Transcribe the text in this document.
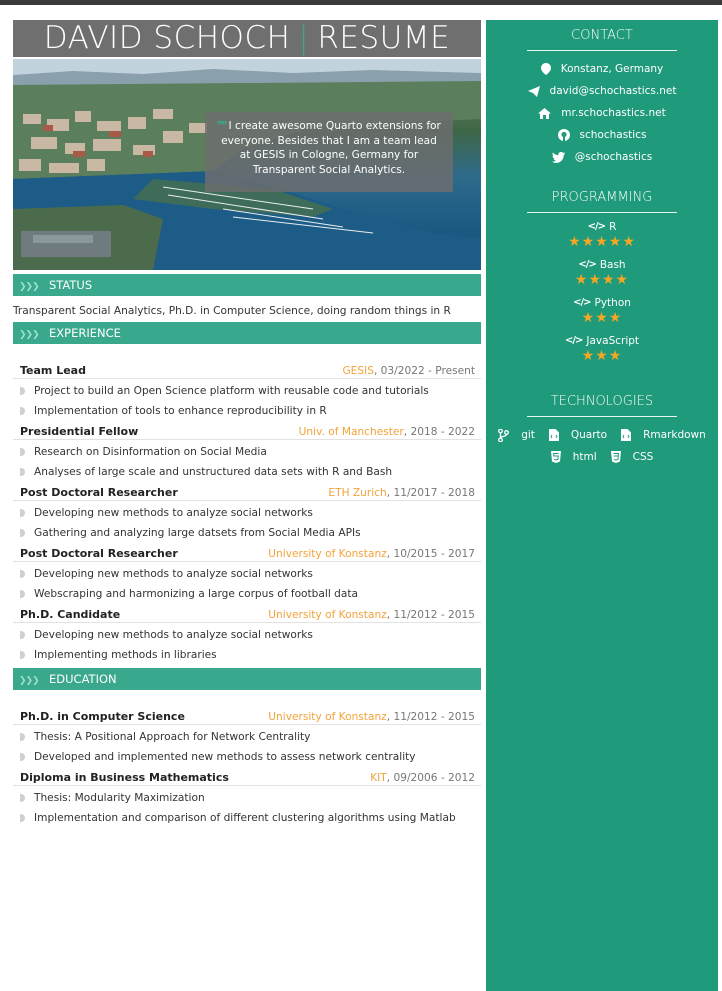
DAVID SCHOCH | RESUME
❞❞ I create awesome Quarto extensions for everyone. Besides that I am a team lead at GESIS in Cologne, Germany for Transparent Social Analytics.
❯❯❯ STATUS
Transparent Social Analytics, Ph.D. in Computer Science, doing random things in R
❯❯❯ EXPERIENCE
Team Lead	GESIS, 03/2022 - Present
Project to build an Open Science platform with reusable code and tutorials
Implementation of tools to enhance reproducibility in R
Presidential Fellow	Univ. of Manchester, 2018 - 2022
Research on Disinformation on Social Media
Analyses of large scale and unstructured data sets with R and Bash
Post Doctoral Researcher	ETH Zurich, 11/2017 - 2018
Developing new methods to analyze social networks
Gathering and analyzing large datsets from Social Media APIs
Post Doctoral Researcher	University of Konstanz, 10/2015 - 2017
Developing new methods to analyze social networks
Webscraping and harmonizing a large corpus of football data
Ph.D. Candidate	University of Konstanz, 11/2012 - 2015
Developing new methods to analyze social networks
Implementing methods in libraries
❯❯❯ EDUCATION
Ph.D. in Computer Science	University of Konstanz, 11/2012 - 2015
Thesis: A Positional Approach for Network Centrality
Developed and implemented new methods to assess network centrality
Diploma in Business Mathematics	KIT, 09/2006 - 2012
Thesis: Modularity Maximization
Implementation and comparison of different clustering algorithms using Matlab
CONTACT
Konstanz, Germany
david@schochastics.net
mr.schochastics.net
schochastics
@schochastics
PROGRAMMING
</> R
★★★★★
</> Bash
★★★★
</> Python
★★★
</> JavaScript
★★★
TECHNOLOGIES
git	Quarto	Rmarkdown
html	CSS
